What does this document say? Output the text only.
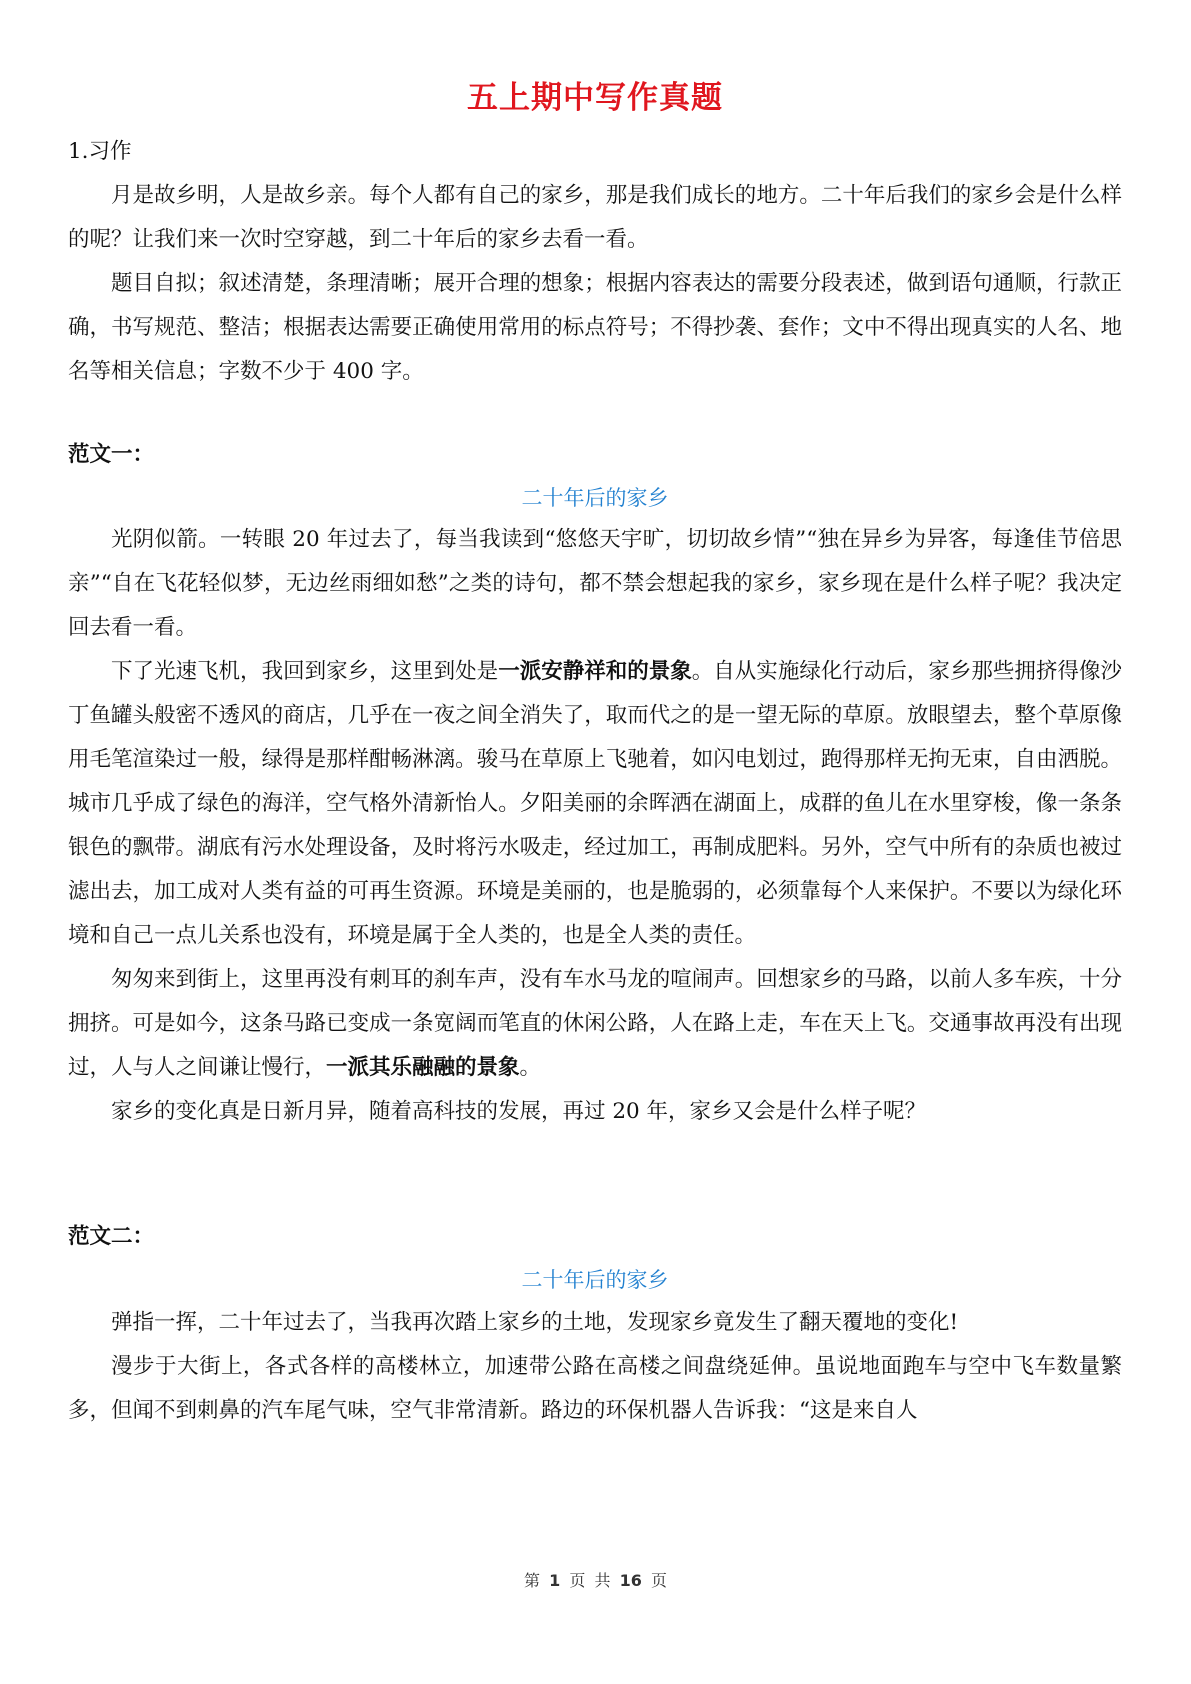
五上期中写作真题

1.习作

月是故乡明，人是故乡亲。每个人都有自己的家乡，那是我们成长的地方。二十年后我们的家乡会是什么样的呢？让我们来一次时空穿越，到二十年后的家乡去看一看。

题目自拟；叙述清楚，条理清晰；展开合理的想象；根据内容表达的需要分段表述，做到语句通顺，行款正确，书写规范、整洁；根据表达需要正确使用常用的标点符号；不得抄袭、套作；文中不得出现真实的人名、地名等相关信息；字数不少于 400 字。

范文一：
二十年后的家乡

光阴似箭。一转眼 20 年过去了，每当我读到“悠悠天宇旷，切切故乡情”“独在异乡为异客，每逢佳节倍思亲”“自在飞花轻似梦，无边丝雨细如愁”之类的诗句，都不禁会想起我的家乡，家乡现在是什么样子呢？我决定回去看一看。

下了光速飞机，我回到家乡，这里到处是一派安静祥和的景象。自从实施绿化行动后，家乡那些拥挤得像沙丁鱼罐头般密不透风的商店，几乎在一夜之间全消失了，取而代之的是一望无际的草原。放眼望去，整个草原像用毛笔渲染过一般，绿得是那样酣畅淋漓。骏马在草原上飞驰着，如闪电划过，跑得那样无拘无束，自由洒脱。城市几乎成了绿色的海洋，空气格外清新怡人。夕阳美丽的余晖洒在湖面上，成群的鱼儿在水里穿梭，像一条条银色的飘带。湖底有污水处理设备，及时将污水吸走，经过加工，再制成肥料。另外，空气中所有的杂质也被过滤出去，加工成对人类有益的可再生资源。环境是美丽的，也是脆弱的，必须靠每个人来保护。不要以为绿化环境和自己一点儿关系也没有，环境是属于全人类的，也是全人类的责任。

匆匆来到街上，这里再没有刺耳的刹车声，没有车水马龙的喧闹声。回想家乡的马路，以前人多车疾，十分拥挤。可是如今，这条马路已变成一条宽阔而笔直的休闲公路，人在路上走，车在天上飞。交通事故再没有出现过，人与人之间谦让慢行，一派其乐融融的景象。

家乡的变化真是日新月异，随着高科技的发展，再过 20 年，家乡又会是什么样子呢？

范文二：
二十年后的家乡

弹指一挥，二十年过去了，当我再次踏上家乡的土地，发现家乡竟发生了翻天覆地的变化!

漫步于大街上，各式各样的高楼林立，加速带公路在高楼之间盘绕延伸。虽说地面跑车与空中飞车数量繁多，但闻不到刺鼻的汽车尾气味，空气非常清新。路边的环保机器人告诉我：“这是来自人

第 1 页 共 16 页
